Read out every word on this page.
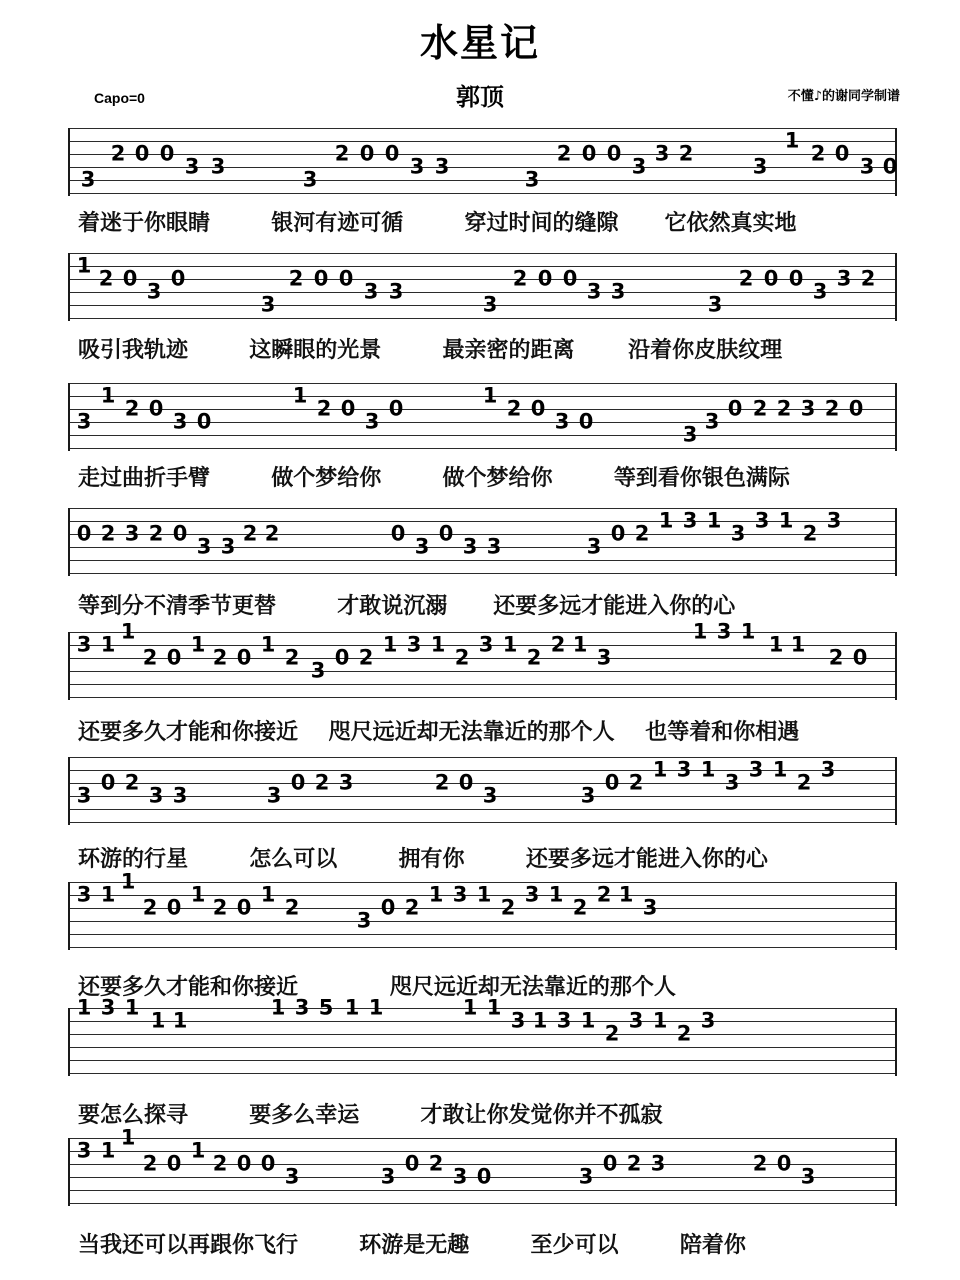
水星记
郭顶
Capo=0	不懂♪的谢同学制谱
3
2 0 0
3 3
3
2 0 0
3 3
3
2 0 0
3
3 2
3
1
2 0
3 0
着迷于你眼睛        银河有迹可循        穿过时间的缝隙      它依然真实地
1
2 0
3
0
3
2 0 0
3 3
3
2 0 0
3 3
3
2 0 0
3
3 2
吸引我轨迹        这瞬眼的光景        最亲密的距离       沿着你皮肤纹理
3
1
2 0
3 0
1
2 0
3
0
1
2 0
3 0
3
3
0 2 2 3 2 0
走过曲折手臂        做个梦给你        做个梦给你        等到看你银色满际
0 2 3 2 0
3 3
2 2	0
3
0
3 3	3
0 2
1 3 1
3
3 1
2
3
等到分不清季节更替        才敢说沉溺      还要多远才能进入你的心
3 1
1
2 0
1
2 0
1
2
3
0 2
1 3 1
2
3 1
2
2 1
3
1 3 1
1 1
2 0
还要多久才能和你接近    咫尺远近却无法靠近的那个人    也等着和你相遇
3
0 2
3 3	3
0 2 3	2 0
3	3
0 2
1 3 1
3
3 1
2
3
环游的行星        怎么可以        拥有你        还要多远才能进入你的心
3 1
1
2 0
1
2 0
1
2
3
0 2
1 3 1
2
3 1
2
2 1
3
还要多久才能和你接近            咫尺远近却无法靠近的那个人
1 3 1
1 1
1 3 5 1 1	1 1
3 1 3 1
2
3 1
2
3
要怎么探寻        要多么幸运        才敢让你发觉你并不孤寂
3 1
1
2 0
1
2 0 0
3	3
0 2
3 0	3
0 2 3	2 0
3
当我还可以再跟你飞行        环游是无趣        至少可以        陪着你
